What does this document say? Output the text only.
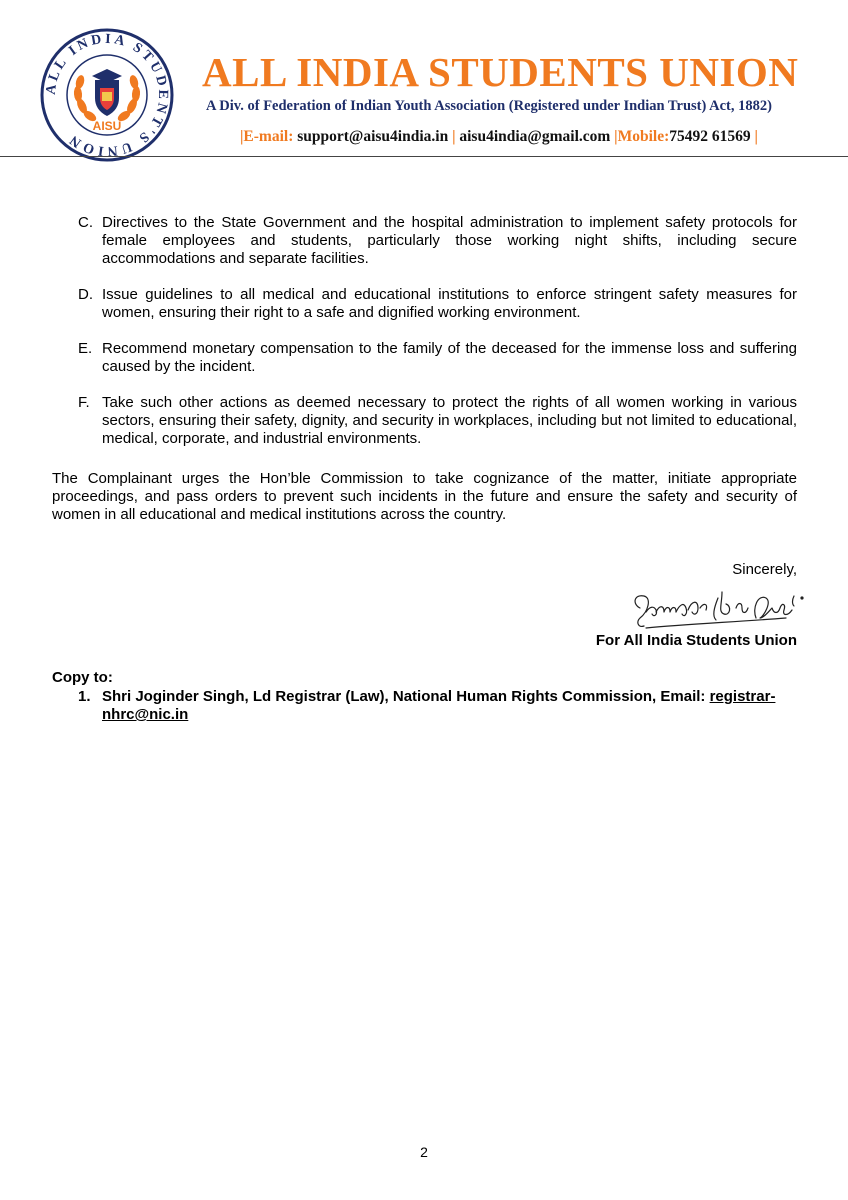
ALL INDIA STUDENT'S UNION
AISU
ALL INDIA STUDENTS UNION

A Div. of Federation of Indian Youth Association (Registered under Indian Trust) Act, 1882)

|E-mail: support@aisu4india.in | aisu4india@gmail.com |Mobile:75492 61569 |

C. Directives to the State Government and the hospital administration to implement safety protocols for female employees and students, particularly those working night shifts, including secure accommodations and separate facilities.
D. Issue guidelines to all medical and educational institutions to enforce stringent safety measures for women, ensuring their right to a safe and dignified working environment.
E. Recommend monetary compensation to the family of the deceased for the immense loss and suffering caused by the incident.
F. Take such other actions as deemed necessary to protect the rights of all women working in various sectors, ensuring their safety, dignity, and security in workplaces, including but not limited to educational, medical, corporate, and industrial environments.

The Complainant urges the Hon’ble Commission to take cognizance of the matter, initiate appropriate proceedings, and pass orders to prevent such incidents in the future and ensure the safety and security of women in all educational and medical institutions across the country.

Sincerely,
For All India Students Union
Copy to:
1. Shri Joginder Singh, Ld Registrar (Law), National Human Rights Commission, Email: registrar-nhrc@nic.in
2
